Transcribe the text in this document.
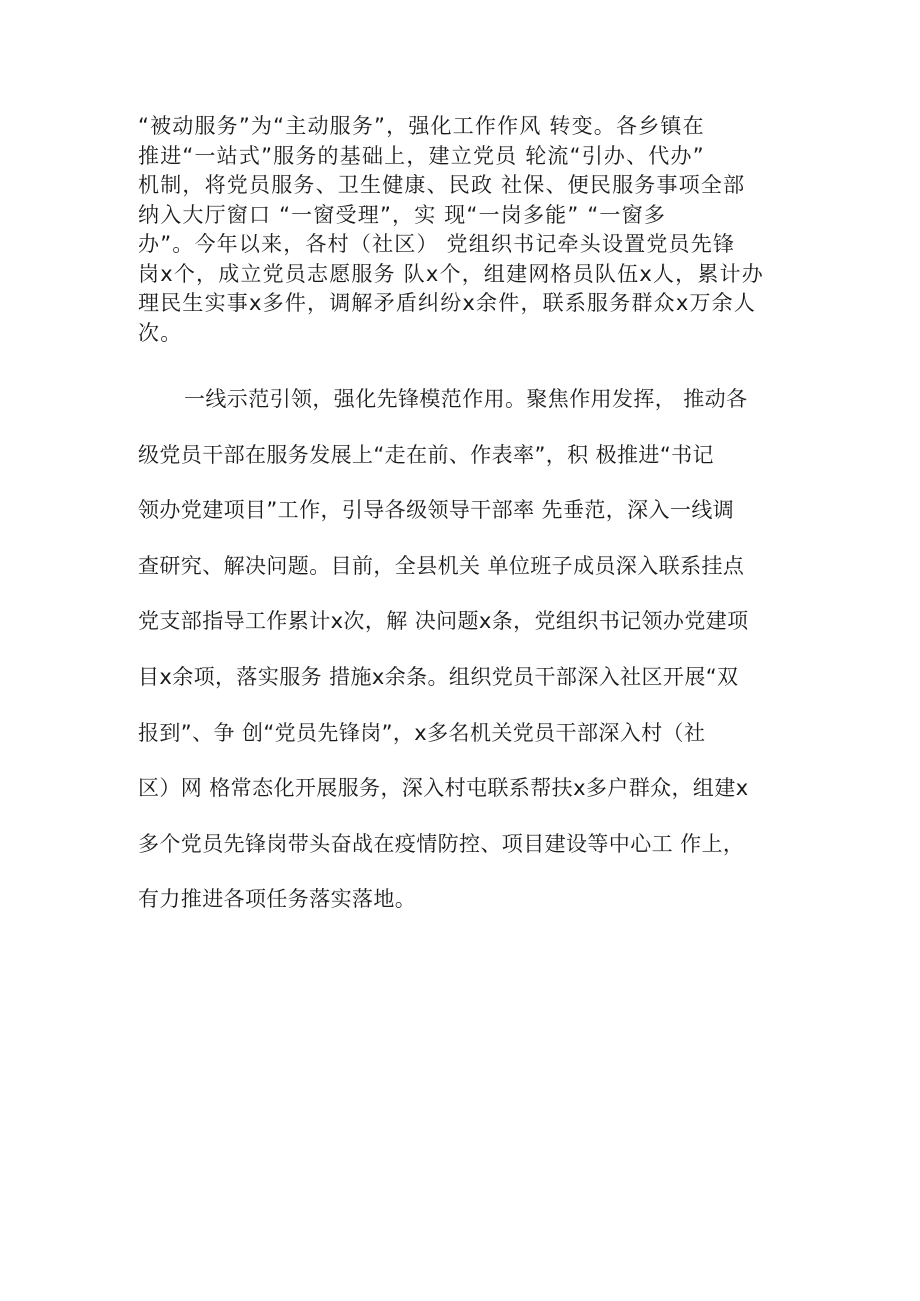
“被动服务”为“主动服务”，强化工作作风 转变。各乡镇在
推进“一站式”服务的基础上，建立党员 轮流“引办、代办”
机制，将党员服务、卫生健康、民政 社保、便民服务事项全部
纳入大厅窗口 “一窗受理”，实 现“一岗多能” “一窗多
办”。今年以来，各村（社区） 党组织书记牵头设置党员先锋
岗x个，成立党员志愿服务 队x个，组建网格员队伍x人，累计办
理民生实事x多件，调解矛盾纠纷x余件，联系服务群众x万余人
次。
一线示范引领，强化先锋模范作用。聚焦作用发挥， 推动各
级党员干部在服务发展上“走在前、作表率”，积 极推进“书记
领办党建项目”工作，引导各级领导干部率 先垂范，深入一线调
查研究、解决问题。目前，全县机关 单位班子成员深入联系挂点
党支部指导工作累计x次，解 决问题x条，党组织书记领办党建项
目x余项，落实服务 措施x余条。组织党员干部深入社区开展“双
报到”、争 创“党员先锋岗”，x多名机关党员干部深入村（社
区）网 格常态化开展服务，深入村屯联系帮扶x多户群众，组建x
多个党员先锋岗带头奋战在疫情防控、项目建设等中心工 作上，
有力推进各项任务落实落地。
